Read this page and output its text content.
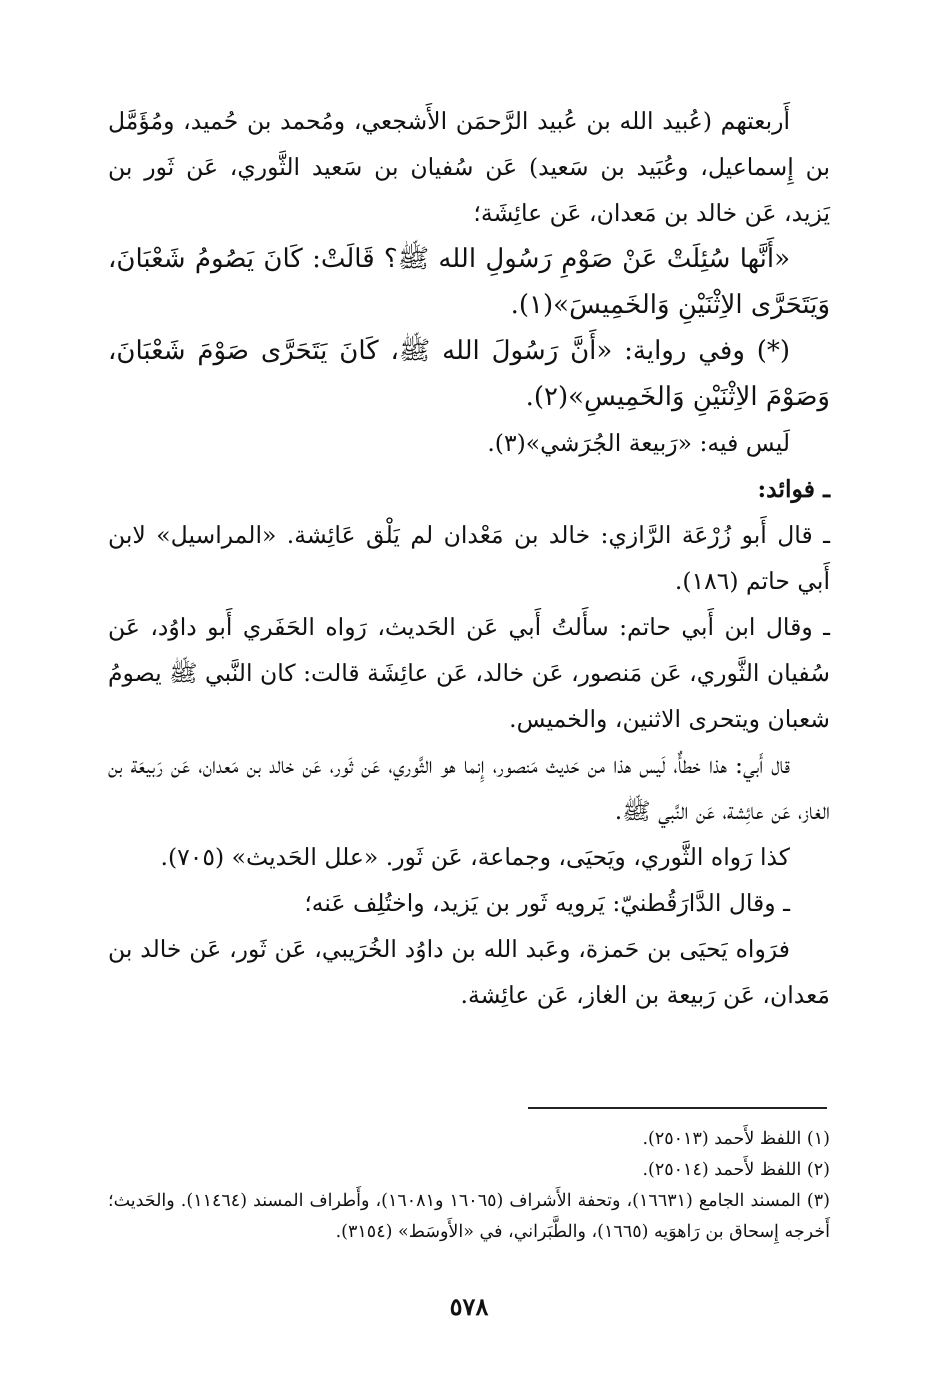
أَربعتهم (عُبيد الله بن عُبيد الرَّحمَن الأَشجعي، ومُحمد بن حُميد، ومُؤَمَّل بن إِسماعيل، وعُبَيد بن سَعيد) عَن سُفيان بن سَعيد الثَّوري، عَن ثَور بن يَزيد، عَن خالد بن مَعدان، عَن عائِشَة؛

«أَنَّها سُئِلَتْ عَنْ صَوْمِ رَسُولِ الله ﷺ؟ قَالَتْ: كَانَ يَصُومُ شَعْبَانَ، وَيَتَحَرَّى الاِثْنَيْنِ وَالخَمِيسَ»(١).

(*) وفي رواية: «أَنَّ رَسُولَ الله ﷺ، كَانَ يَتَحَرَّى صَوْمَ شَعْبَانَ، وَصَوْمَ الاِثْنَيْنِ وَالخَمِيسِ»(٢).

لَيس فيه: «رَبيعة الجُرَشي»(٣).

ـ فوائد:

ـ قال أَبو زُرْعَة الرَّازي: خالد بن مَعْدان لم يَلْق عَائِشة. «المراسيل» لابن أَبي حاتم (١٨٦).

ـ وقال ابن أَبي حاتم: سأَلتُ أَبي عَن الحَديث، رَواه الحَفَري أَبو داوُد، عَن سُفيان الثَّوري، عَن مَنصور، عَن خالد، عَن عائِشَة قالت: كان النَّبي ﷺ يصومُ شعبان ويتحرى الاثنين، والخميس.

قال أَبي: هذا خطأٌ، لَيس هذا من حَديث مَنصور، إِنما هو الثَّوري، عَن ثَور، عَن خالد بن مَعدان، عَن رَبيعَة بن الغاز، عَن عائِشة، عَن النَّبي ﷺ.

كذا رَواه الثَّوري، ويَحيَى، وجماعة، عَن ثَور. «علل الحَديث» (٧٠٥).

ـ وقال الدَّارَقُطنيّ: يَرويه ثَور بن يَزيد، واختُلِف عَنه؛

فرَواه يَحيَى بن حَمزة، وعَبد الله بن داوُد الخُرَيبي، عَن ثَور، عَن خالد بن مَعدان، عَن رَبيعة بن الغاز، عَن عائِشة.

(١) اللفظ لأَحمد (٢٥٠١٣).

(٢) اللفظ لأَحمد (٢٥٠١٤).

(٣) المسند الجامع (١٦٦٣١)، وتحفة الأَشراف (١٦٠٦٥ و١٦٠٨١)، وأَطراف المسند (١١٤٦٤). والحَديث؛ أَخرجه إِسحاق بن رَاهوَيه (١٦٦٥)، والطَّبَراني، في «الأَوسَط» (٣١٥٤).

٥٧٨
